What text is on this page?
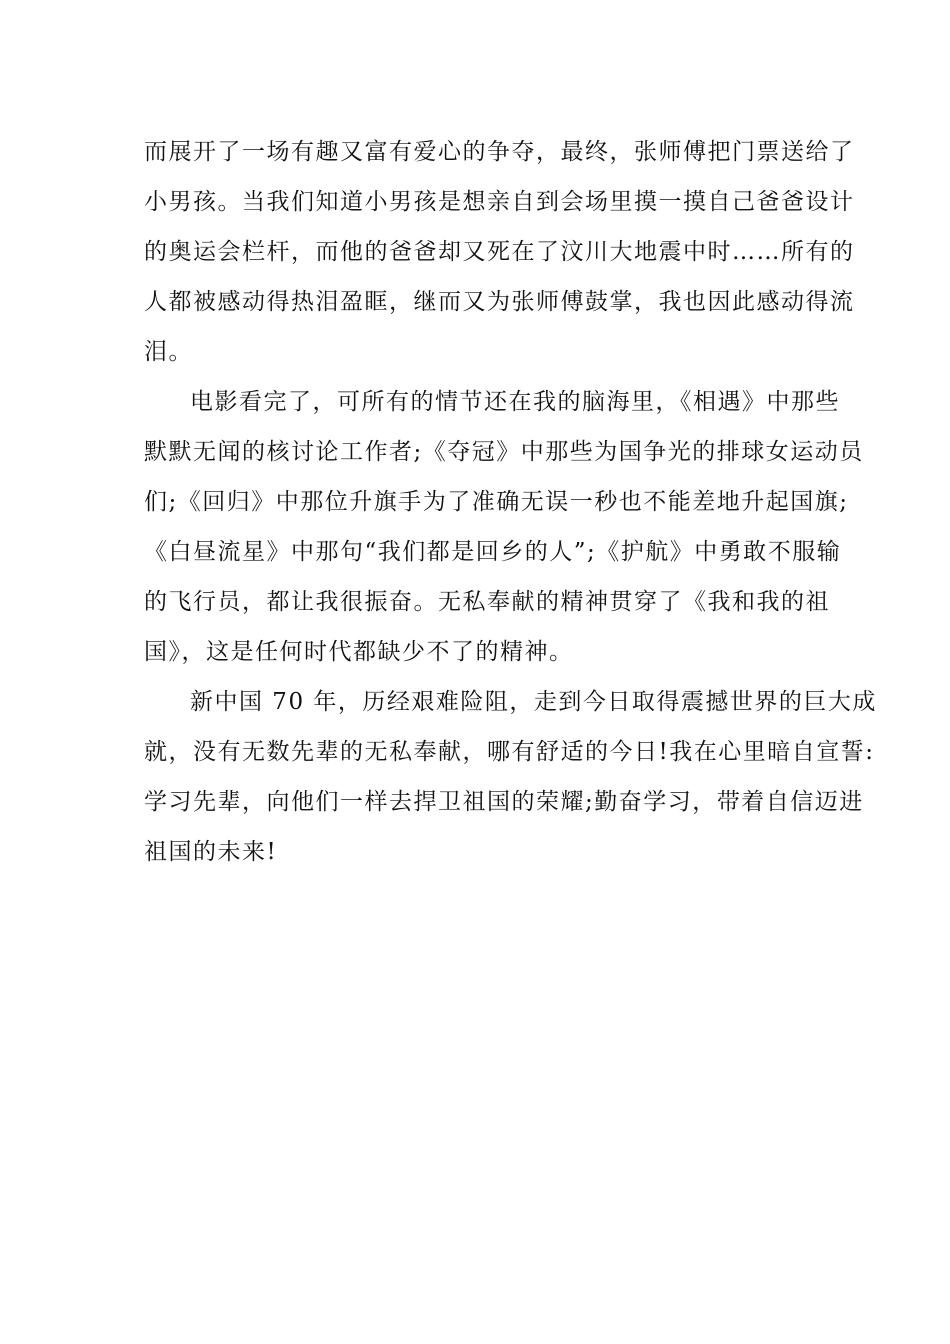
而展开了一场有趣又富有爱心的争夺，最终，张师傅把门票送给了
小男孩。当我们知道小男孩是想亲自到会场里摸一摸自己爸爸设计
的奥运会栏杆，而他的爸爸却又死在了汶川大地震中时……所有的
人都被感动得热泪盈眶，继而又为张师傅鼓掌，我也因此感动得流
泪。
电影看完了，可所有的情节还在我的脑海里，《相遇》中那些
默默无闻的核讨论工作者;《夺冠》中那些为国争光的排球女运动员
们;《回归》中那位升旗手为了准确无误一秒也不能差地升起国旗;
《白昼流星》中那句“我们都是回乡的人”;《护航》中勇敢不服输
的飞行员，都让我很振奋。无私奉献的精神贯穿了《我和我的祖
国》，这是任何时代都缺少不了的精神。
新中国 70 年，历经艰难险阻，走到今日取得震撼世界的巨大成
就，没有无数先辈的无私奉献，哪有舒适的今日!我在心里暗自宣誓:
学习先辈，向他们一样去捍卫祖国的荣耀;勤奋学习，带着自信迈进
祖国的未来!
